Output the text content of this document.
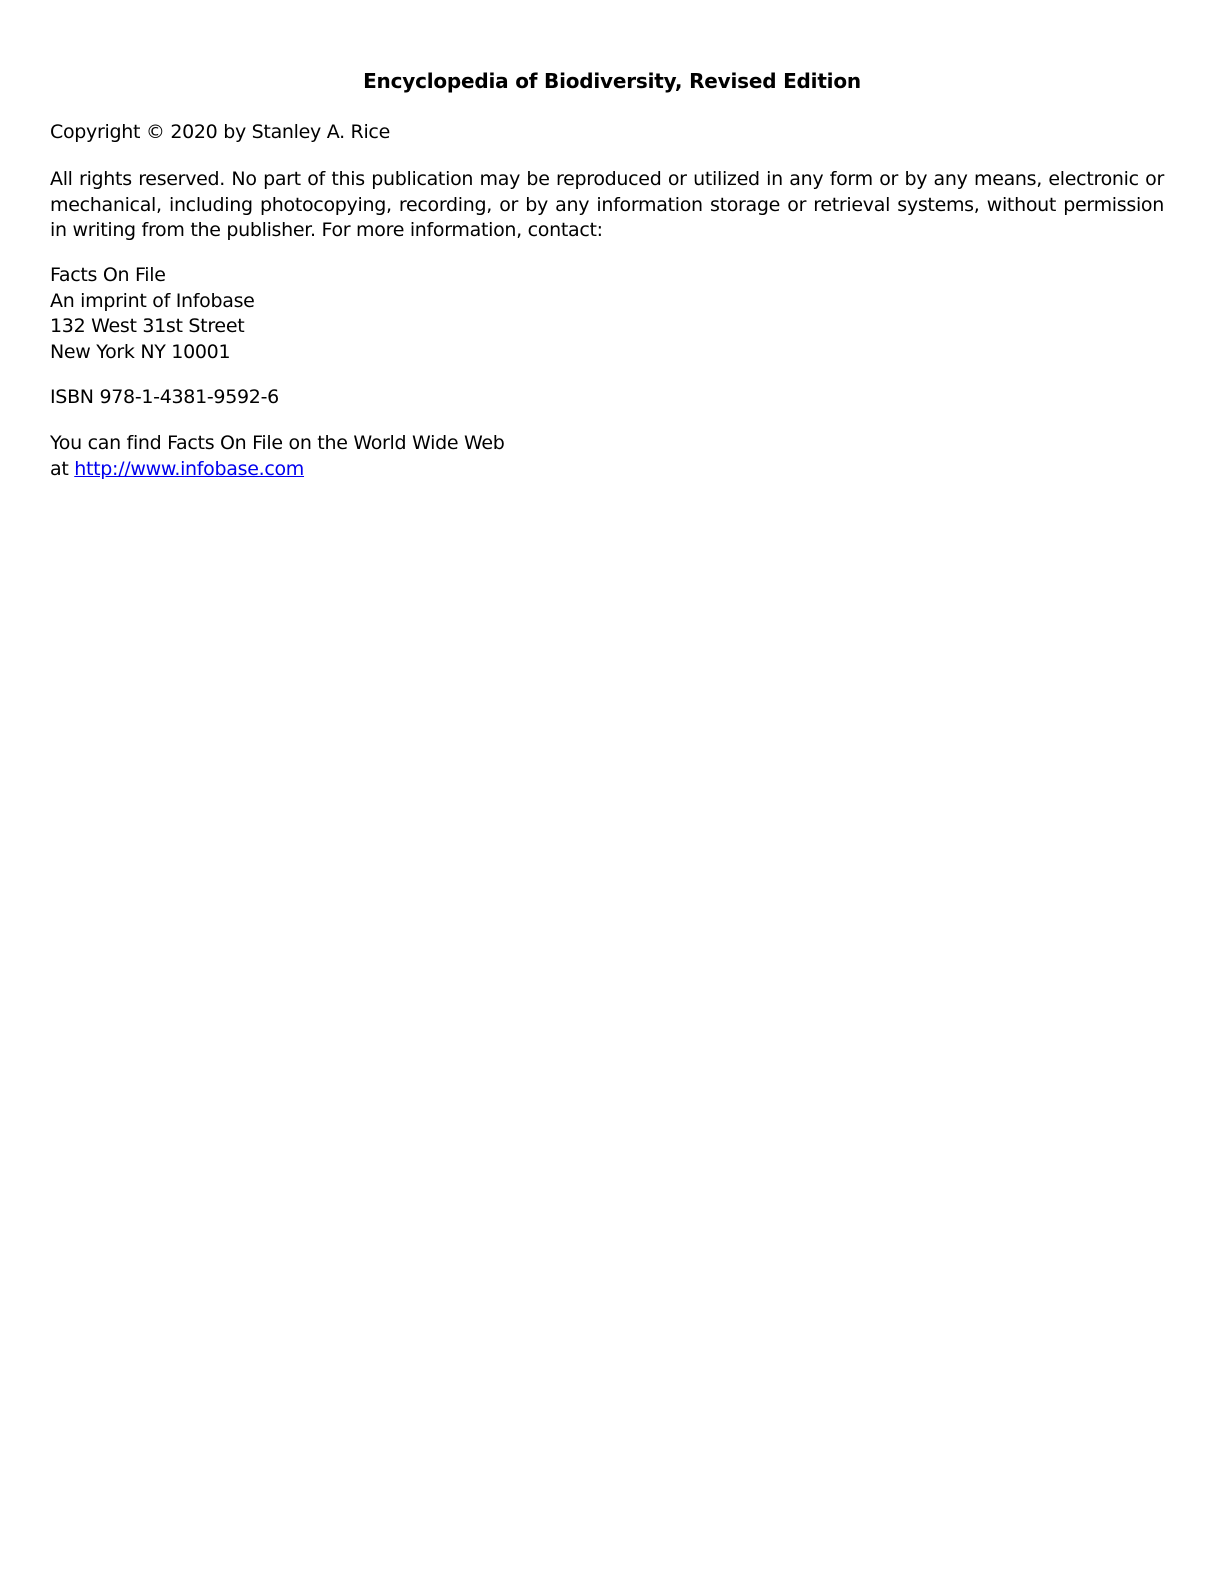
Encyclopedia of Biodiversity, Revised Edition
Copyright © 2020 by Stanley A. Rice
All rights reserved. No part of this publication may be reproduced or utilized in any form or by any means, electronic or mechanical, including photocopying, recording, or by any information storage or retrieval systems, without permission in writing from the publisher. For more information, contact:
Facts On File
An imprint of Infobase
132 West 31st Street
New York NY 10001
ISBN 978-1-4381-9592-6
You can find Facts On File on the World Wide Web
at http://www.infobase.com
